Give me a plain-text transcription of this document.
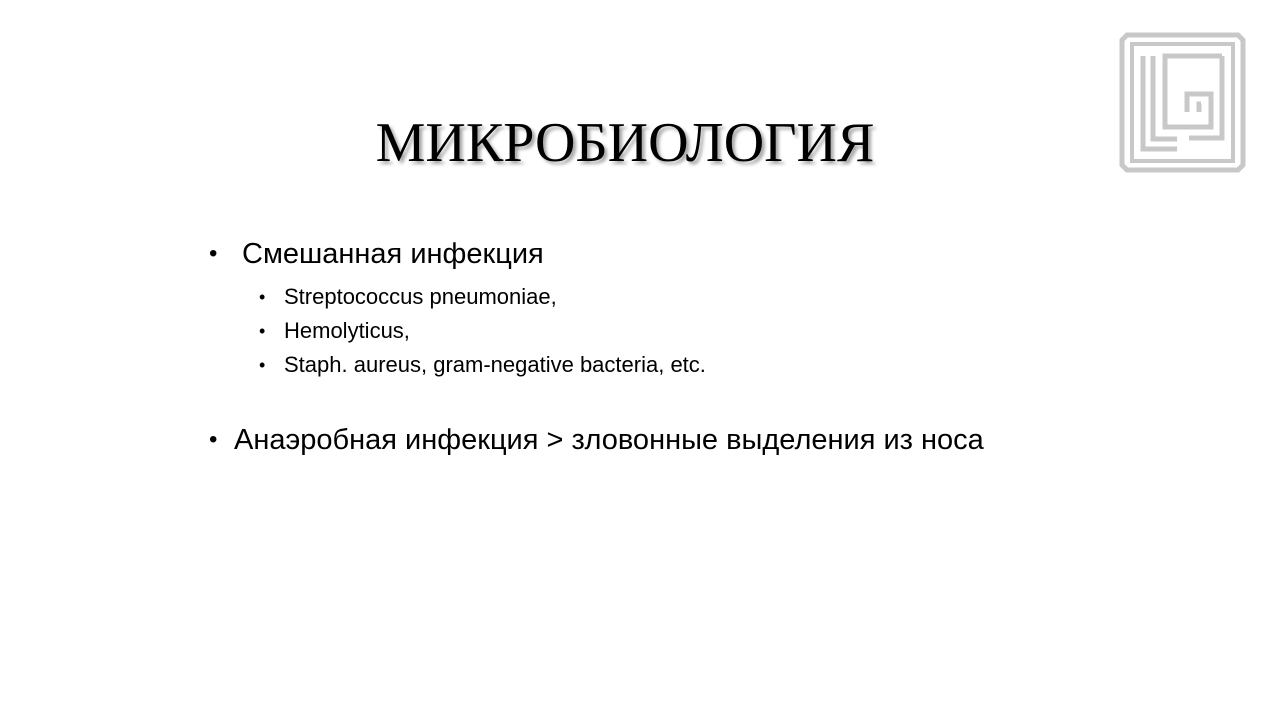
МИКРОБИОЛОГИЯ
• Смешанная инфекция
• Streptococcus pneumoniae,
• Hemolyticus,
• Staph. aureus, gram-negative bacteria, etc.
• Анаэробная инфекция > зловонные выделения из носа
